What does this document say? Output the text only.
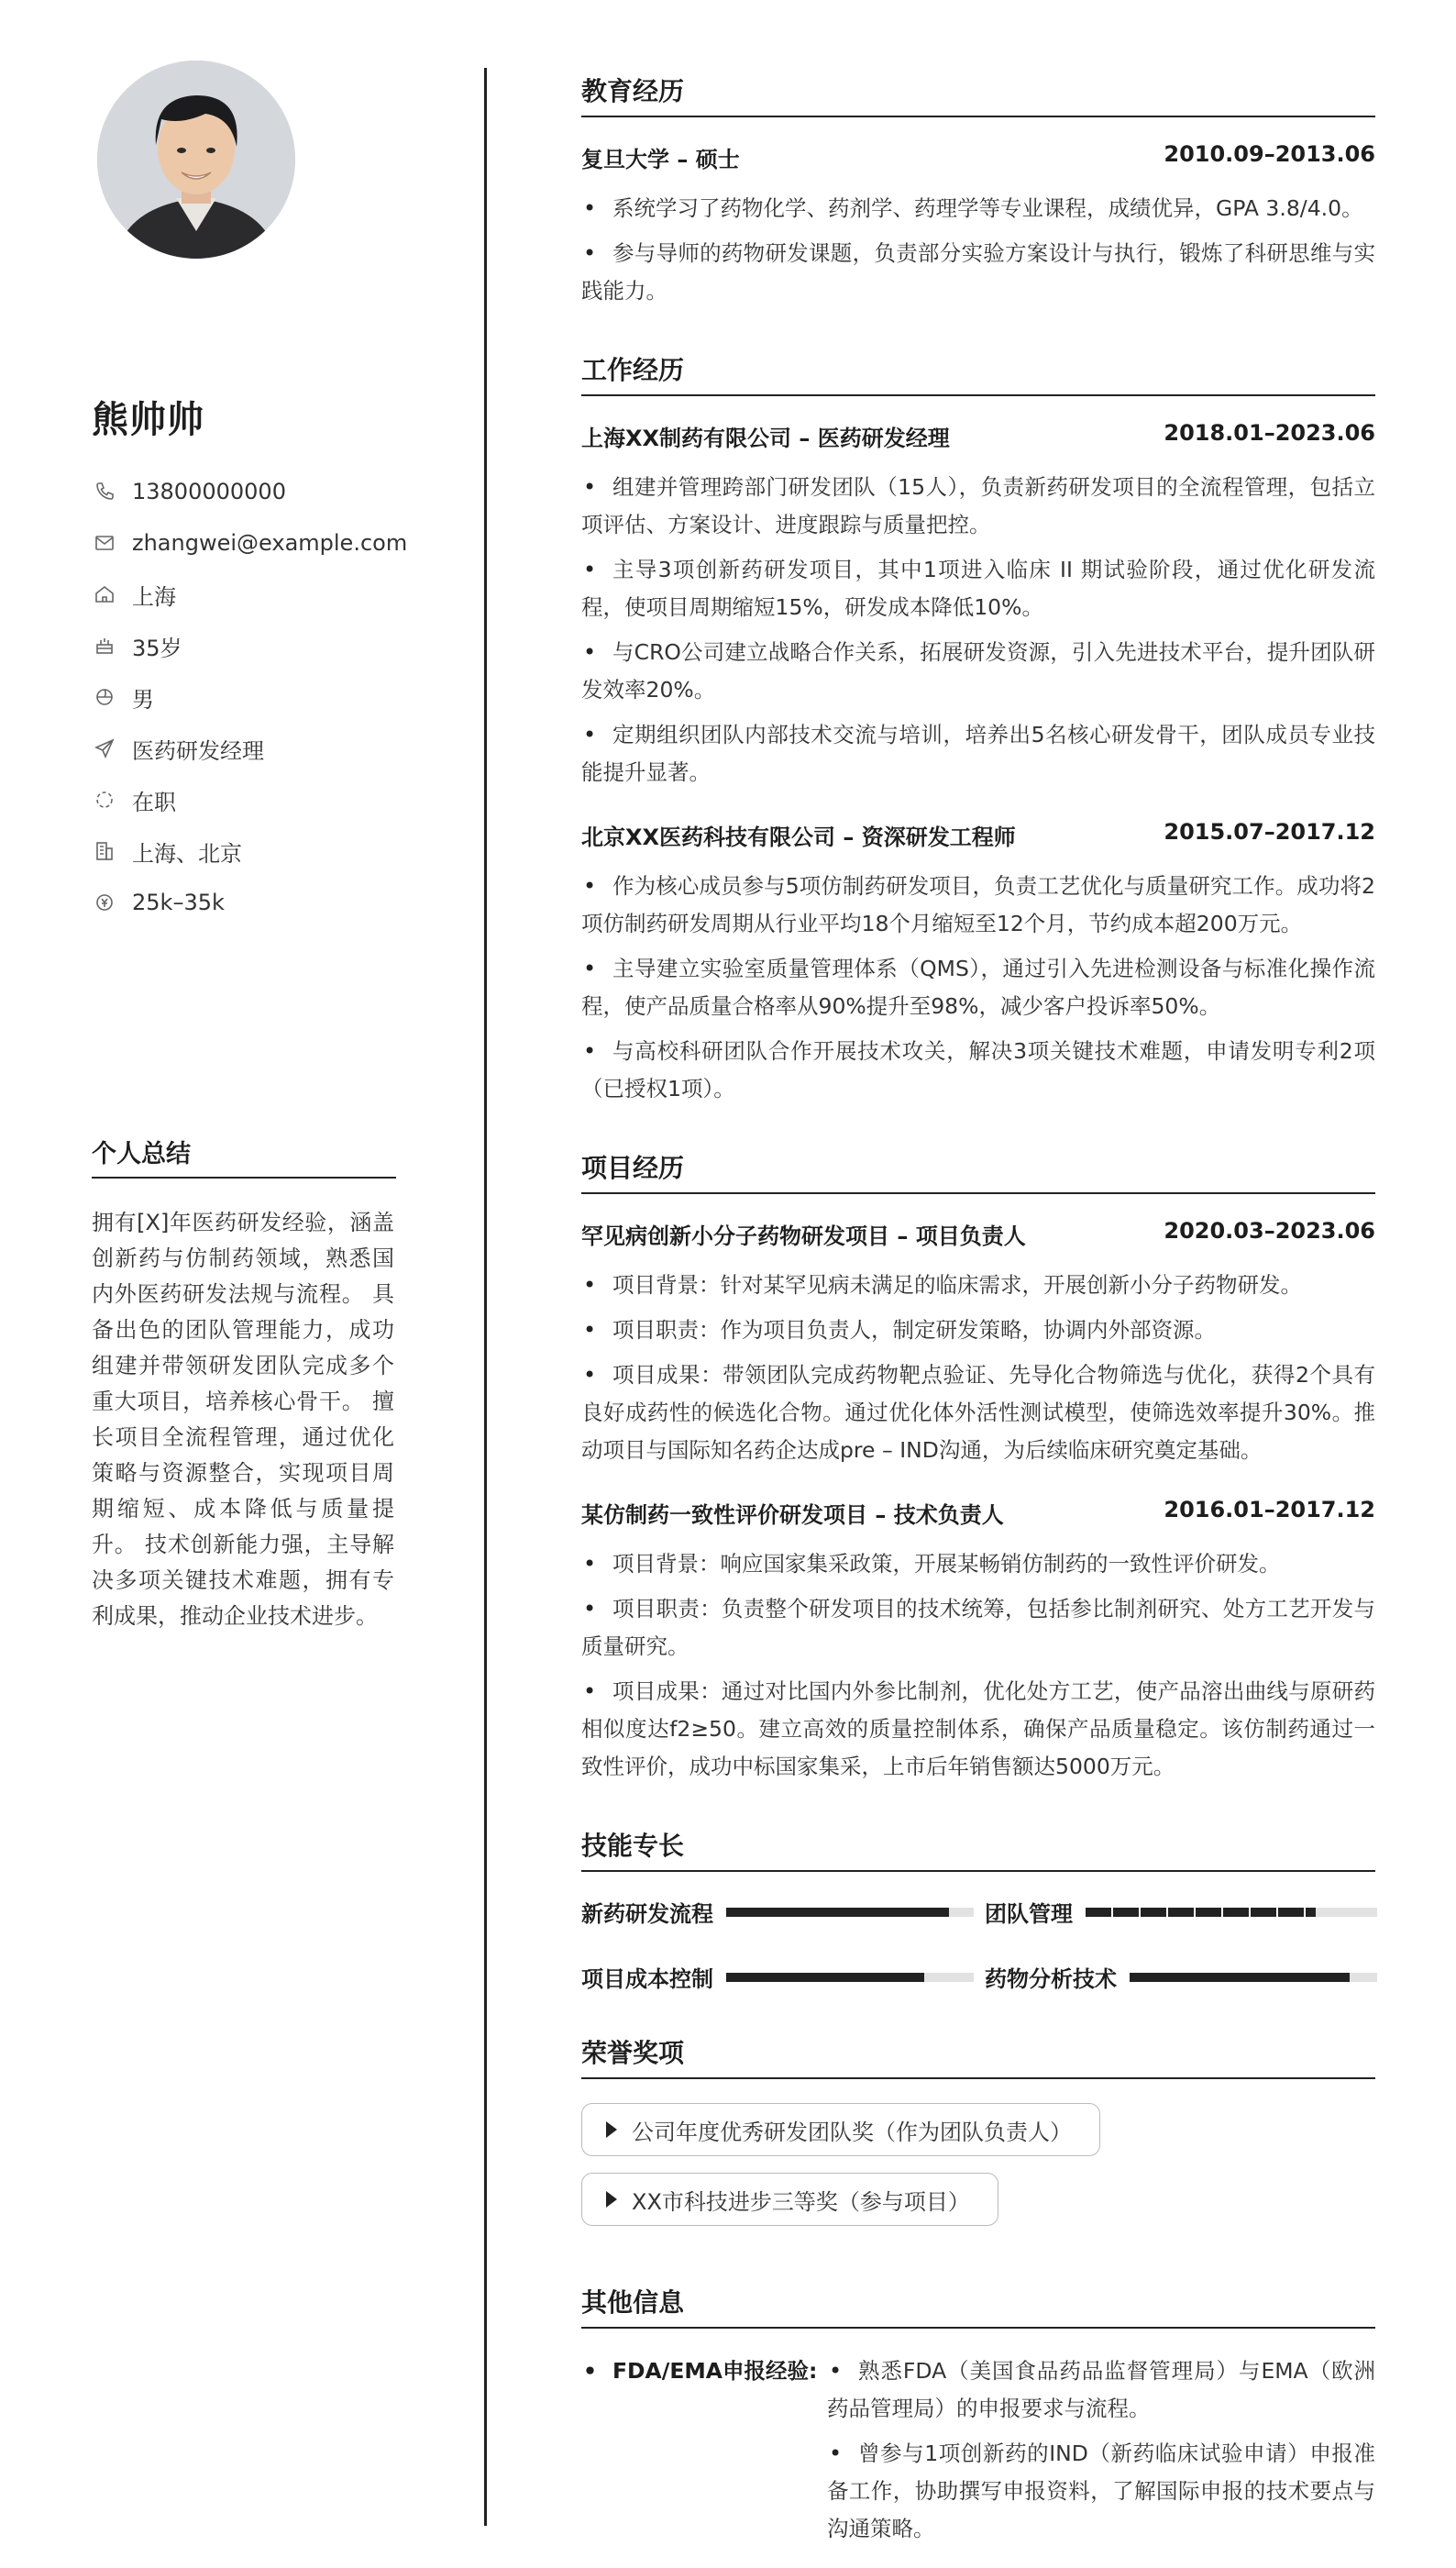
熊帅帅
13800000000
zhangwei@example.com
上海
35岁
男
医药研发经理
在职
上海、北京
25k–35k
个人总结
拥有[X]年医药研发经验，涵盖创新药与仿制药领域，熟悉国内外医药研发法规与流程。 具备出色的团队管理能力，成功组建并带领研发团队完成多个重大项目，培养核心骨干。 擅长项目全流程管理，通过优化策略与资源整合，实现项目周期缩短、成本降低与质量提升。 技术创新能力强，主导解决多项关键技术难题，拥有专利成果，推动企业技术进步。
教育经历
复旦大学 – 硕士	2010.09–2013.06
• 系统学习了药物化学、药剂学、药理学等专业课程，成绩优异，GPA 3.8/4.0。
• 参与导师的药物研发课题，负责部分实验方案设计与执行，锻炼了科研思维与实践能力。
工作经历
上海XX制药有限公司 – 医药研发经理	2018.01–2023.06
• 组建并管理跨部门研发团队（15人），负责新药研发项目的全流程管理，包括立项评估、方案设计、进度跟踪与质量把控。
• 主导3项创新药研发项目，其中1项进入临床 II 期试验阶段，通过优化研发流程，使项目周期缩短15%，研发成本降低10%。
• 与CRO公司建立战略合作关系，拓展研发资源，引入先进技术平台，提升团队研发效率20%。
• 定期组织团队内部技术交流与培训，培养出5名核心研发骨干，团队成员专业技能提升显著。
北京XX医药科技有限公司 – 资深研发工程师	2015.07–2017.12
• 作为核心成员参与5项仿制药研发项目，负责工艺优化与质量研究工作。成功将2项仿制药研发周期从行业平均18个月缩短至12个月，节约成本超200万元。
• 主导建立实验室质量管理体系（QMS），通过引入先进检测设备与标准化操作流程，使产品质量合格率从90%提升至98%，减少客户投诉率50%。
• 与高校科研团队合作开展技术攻关，解决3项关键技术难题，申请发明专利2项（已授权1项）。
项目经历
罕见病创新小分子药物研发项目 – 项目负责人	2020.03–2023.06
• 项目背景：针对某罕见病未满足的临床需求，开展创新小分子药物研发。
• 项目职责：作为项目负责人，制定研发策略，协调内外部资源。
• 项目成果：带领团队完成药物靶点验证、先导化合物筛选与优化，获得2个具有良好成药性的候选化合物。通过优化体外活性测试模型，使筛选效率提升30%。推动项目与国际知名药企达成pre – IND沟通，为后续临床研究奠定基础。
某仿制药一致性评价研发项目 – 技术负责人	2016.01–2017.12
• 项目背景：响应国家集采政策，开展某畅销仿制药的一致性评价研发。
• 项目职责：负责整个研发项目的技术统筹，包括参比制剂研究、处方工艺开发与质量研究。
• 项目成果：通过对比国内外参比制剂，优化处方工艺，使产品溶出曲线与原研药相似度达f2≥50。建立高效的质量控制体系，确保产品质量稳定。该仿制药通过一致性评价，成功中标国家集采，上市后年销售额达5000万元。
技能专长
新药研发流程	团队管理
项目成本控制	药物分析技术
荣誉奖项
公司年度优秀研发团队奖（作为团队负责人）

XX市科技进步三等奖（参与项目）
其他信息
• FDA/EMA申报经验:
•	熟悉FDA（美国食品药品监督管理局）与EMA（欧洲药品管理局）的申报要求与流程。
• 曾参与1项创新药的IND（新药临床试验申请）申报准备工作，协助撰写申报资料，了解国际申报的技术要点与沟通策略。
